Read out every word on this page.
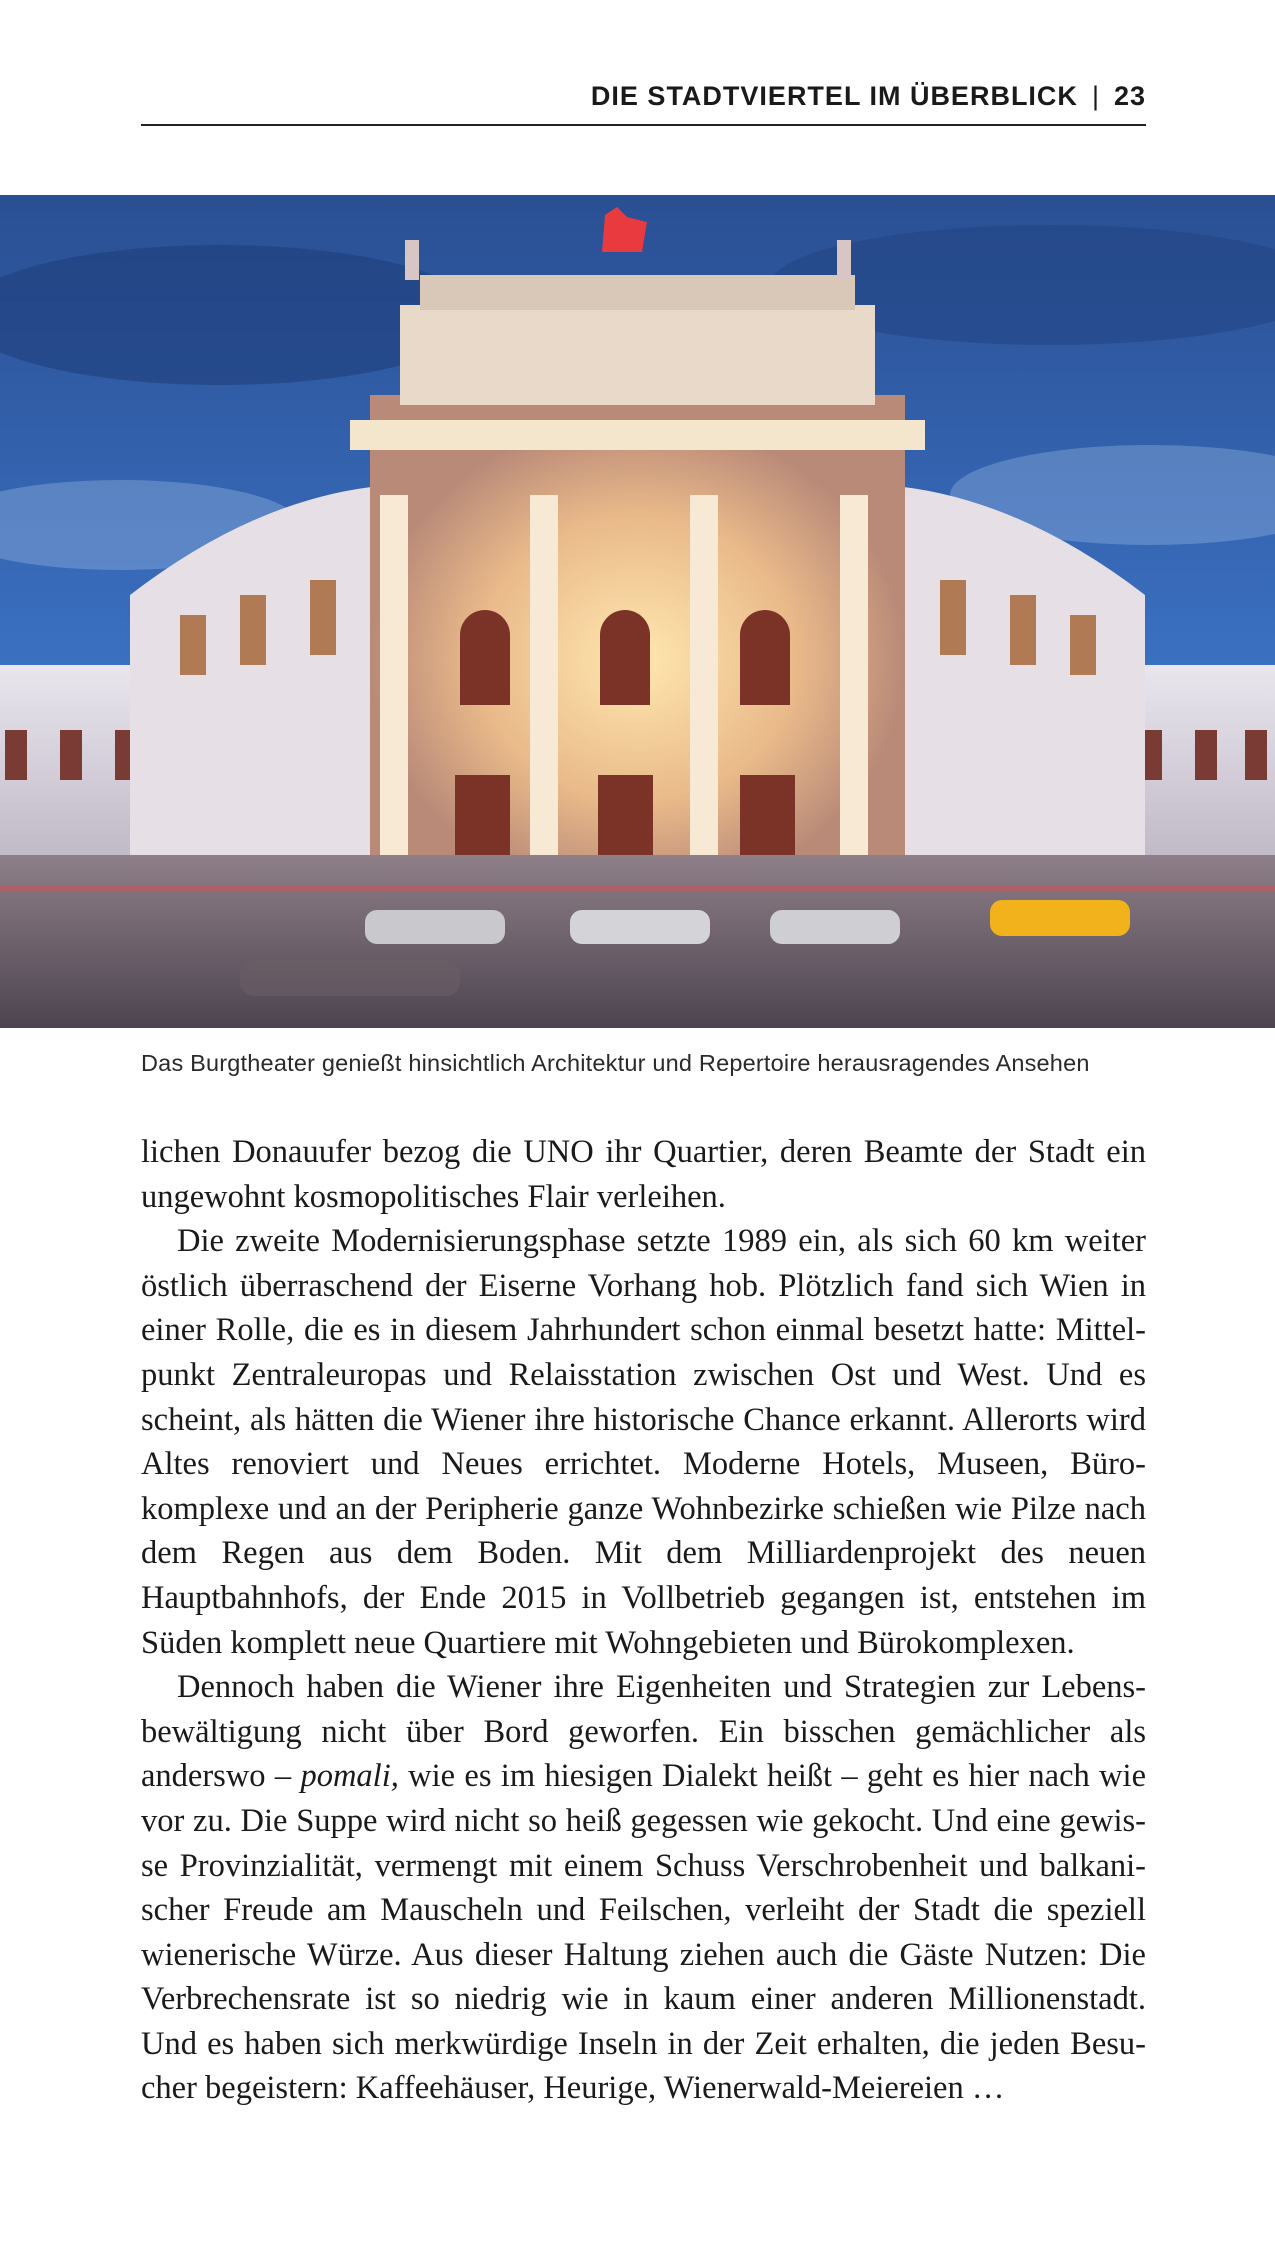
DIE STADTVIERTEL IM ÜBERBLICK | 23
Das Burgtheater genießt hinsichtlich Architektur und Repertoire herausragendes Ansehen

lichen Donauufer bezog die UNO ihr Quartier, deren Beamte der Stadt ein ungewohnt kosmopolitisches Flair verleihen.

Die zweite Modernisierungsphase setzte 1989 ein, als sich 60 km weiter östlich überraschend der Eiserne Vorhang hob. Plötzlich fand sich Wien in einer Rolle, die es in diesem Jahrhundert schon einmal besetzt hatte: Mittelpunkt Zentraleuropas und Relaisstation zwischen Ost und West. Und es scheint, als hätten die Wiener ihre historische Chance erkannt. Allerorts wird Altes renoviert und Neues errichtet. Moderne Hotels, Museen, Bürokomplexe und an der Peripherie ganze Wohnbezirke schießen wie Pilze nach dem Regen aus dem Boden. Mit dem Milliardenprojekt des neuen Hauptbahnhofs, der Ende 2015 in Vollbetrieb gegangen ist, entstehen im Süden komplett neue Quartiere mit Wohngebieten und Bürokomplexen.

Dennoch haben die Wiener ihre Eigenheiten und Strategien zur Lebensbewältigung nicht über Bord geworfen. Ein bisschen gemächlicher als anderswo – pomali, wie es im hiesigen Dialekt heißt – geht es hier nach wie vor zu. Die Suppe wird nicht so heiß gegessen wie gekocht. Und eine gewisse Provinzialität, vermengt mit einem Schuss Verschrobenheit und balkanischer Freude am Mauscheln und Feilschen, verleiht der Stadt die speziell wienerische Würze. Aus dieser Haltung ziehen auch die Gäste Nutzen: Die Verbrechensrate ist so niedrig wie in kaum einer anderen Millionenstadt. Und es haben sich merkwürdige Inseln in der Zeit erhalten, die jeden Besucher begeistern: Kaffeehäuser, Heurige, Wienerwald-Meiereien …
